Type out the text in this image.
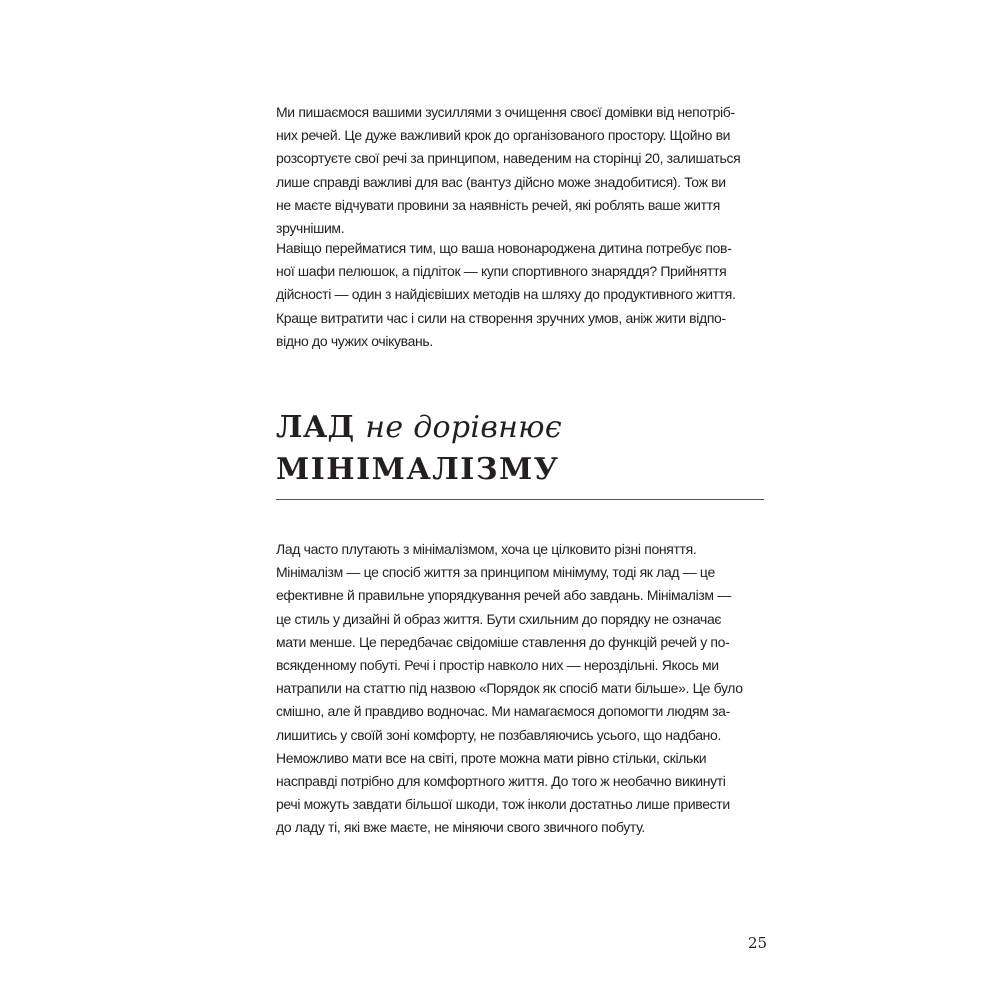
Ми пишаємося вашими зусиллями з очищення своєї домівки від непотріб-
них речей. Це дуже важливий крок до організованого простору. Щойно ви
розсортуєте свої речі за принципом, наведеним на сторінці 20, залишаться
лише справді важливі для вас (вантуз дійсно може знадобитися). Тож ви
не маєте відчувати провини за наявність речей, які роблять ваше життя
зручнішим.

Навіщо перейматися тим, що ваша новонароджена дитина потребує пов-
ної шафи пелюшок, а підліток — купи спортивного знаряддя? Прийняття
дійсності — один з найдієвіших методів на шляху до продуктивного життя.
Краще витратити час і сили на створення зручних умов, аніж жити відпо-
відно до чужих очікувань.

ЛАД не дорівнює
МІНІМАЛІЗМУ

Лад часто плутають з мінімалізмом, хоча це цілковито різні поняття.
Мінімалізм — це спосіб життя за принципом мінімуму, тоді як лад — це
ефективне й правильне упорядкування речей або завдань. Мінімалізм —
це стиль у дизайні й образ життя. Бути схильним до порядку не означає
мати менше. Це передбачає свідоміше ставлення до функцій речей у по-
всякденному побуті. Речі і простір навколо них — нероздільні. Якось ми
натрапили на статтю під назвою «Порядок як спосіб мати більше». Це було
смішно, але й правдиво водночас. Ми намагаємося допомогти людям за-
лишитись у своїй зоні комфорту, не позбавляючись усього, що надбано.
Неможливо мати все на світі, проте можна мати рівно стільки, скільки
насправді потрібно для комфортного життя. До того ж необачно викинуті
речі можуть завдати більшої шкоди, тож інколи достатньо лише привести
до ладу ті, які вже маєте, не міняючи свого звичного побуту.

25
